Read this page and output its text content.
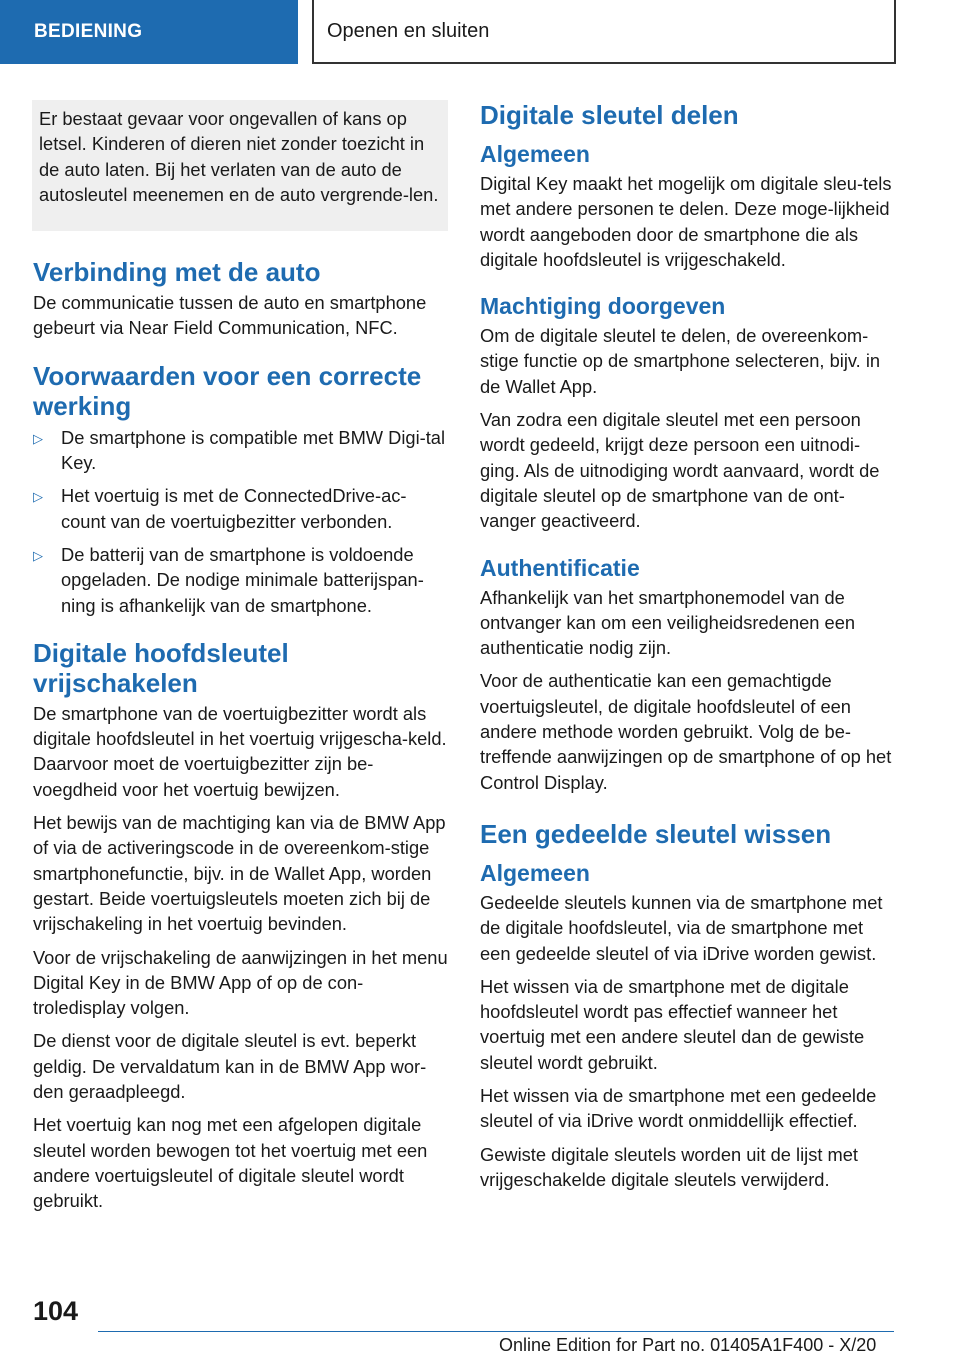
BEDIENING	Openen en sluiten
Er bestaat gevaar voor ongevallen of kans op letsel. Kinderen of dieren niet zonder toezicht in de auto laten. Bij het verlaten van de auto de autosleutel meenemen en de auto vergrende-len.
Verbinding met de auto

De communicatie tussen de auto en smartphone gebeurt via Near Field Communication, NFC.

Voorwaarden voor een correcte werking
▷ De smartphone is compatible met BMW Digi-tal Key.
▷ Het voertuig is met de ConnectedDrive-ac-count van de voertuigbezitter verbonden.
▷ De batterij van de smartphone is voldoende opgeladen. De nodige minimale batterijspan-ning is afhankelijk van de smartphone.
Digitale hoofdsleutel vrijschakelen

De smartphone van de voertuigbezitter wordt als digitale hoofdsleutel in het voertuig vrijgescha-keld. Daarvoor moet de voertuigbezitter zijn be-voegdheid voor het voertuig bewijzen.

Het bewijs van de machtiging kan via de BMW App of via de activeringscode in de overeenkom-stige smartphonefunctie, bijv. in de Wallet App, worden gestart. Beide voertuigsleutels moeten zich bij de vrijschakeling in het voertuig bevinden.

Voor de vrijschakeling de aanwijzingen in het menu Digital Key in de BMW App of op de con-troledisplay volgen.

De dienst voor de digitale sleutel is evt. beperkt geldig. De vervaldatum kan in de BMW App wor-den geraadpleegd.

Het voertuig kan nog met een afgelopen digitale sleutel worden bewogen tot het voertuig met een andere voertuigsleutel of digitale sleutel wordt gebruikt.

Digitale sleutel delen
Algemeen

Digital Key maakt het mogelijk om digitale sleu-tels met andere personen te delen. Deze moge-lijkheid wordt aangeboden door de smartphone die als digitale hoofdsleutel is vrijgeschakeld.

Machtiging doorgeven

Om de digitale sleutel te delen, de overeenkom-stige functie op de smartphone selecteren, bijv. in de Wallet App.

Van zodra een digitale sleutel met een persoon wordt gedeeld, krijgt deze persoon een uitnodi-ging. Als de uitnodiging wordt aanvaard, wordt de digitale sleutel op de smartphone van de ont-vanger geactiveerd.

Authentificatie

Afhankelijk van het smartphonemodel van de ontvanger kan om een veiligheidsredenen een authenticatie nodig zijn.

Voor de authenticatie kan een gemachtigde voertuigsleutel, de digitale hoofdsleutel of een andere methode worden gebruikt. Volg de be-treffende aanwijzingen op de smartphone of op het Control Display.

Een gedeelde sleutel wissen
Algemeen

Gedeelde sleutels kunnen via de smartphone met de digitale hoofdsleutel, via de smartphone met een gedeelde sleutel of via iDrive worden gewist.

Het wissen via de smartphone met de digitale hoofdsleutel wordt pas effectief wanneer het voertuig met een andere sleutel dan de gewiste sleutel wordt gebruikt.

Het wissen via de smartphone met een gedeelde sleutel of via iDrive wordt onmiddellijk effectief.

Gewiste digitale sleutels worden uit de lijst met vrijgeschakelde digitale sleutels verwijderd.

104
Online Edition for Part no. 01405A1F400 - X/20
